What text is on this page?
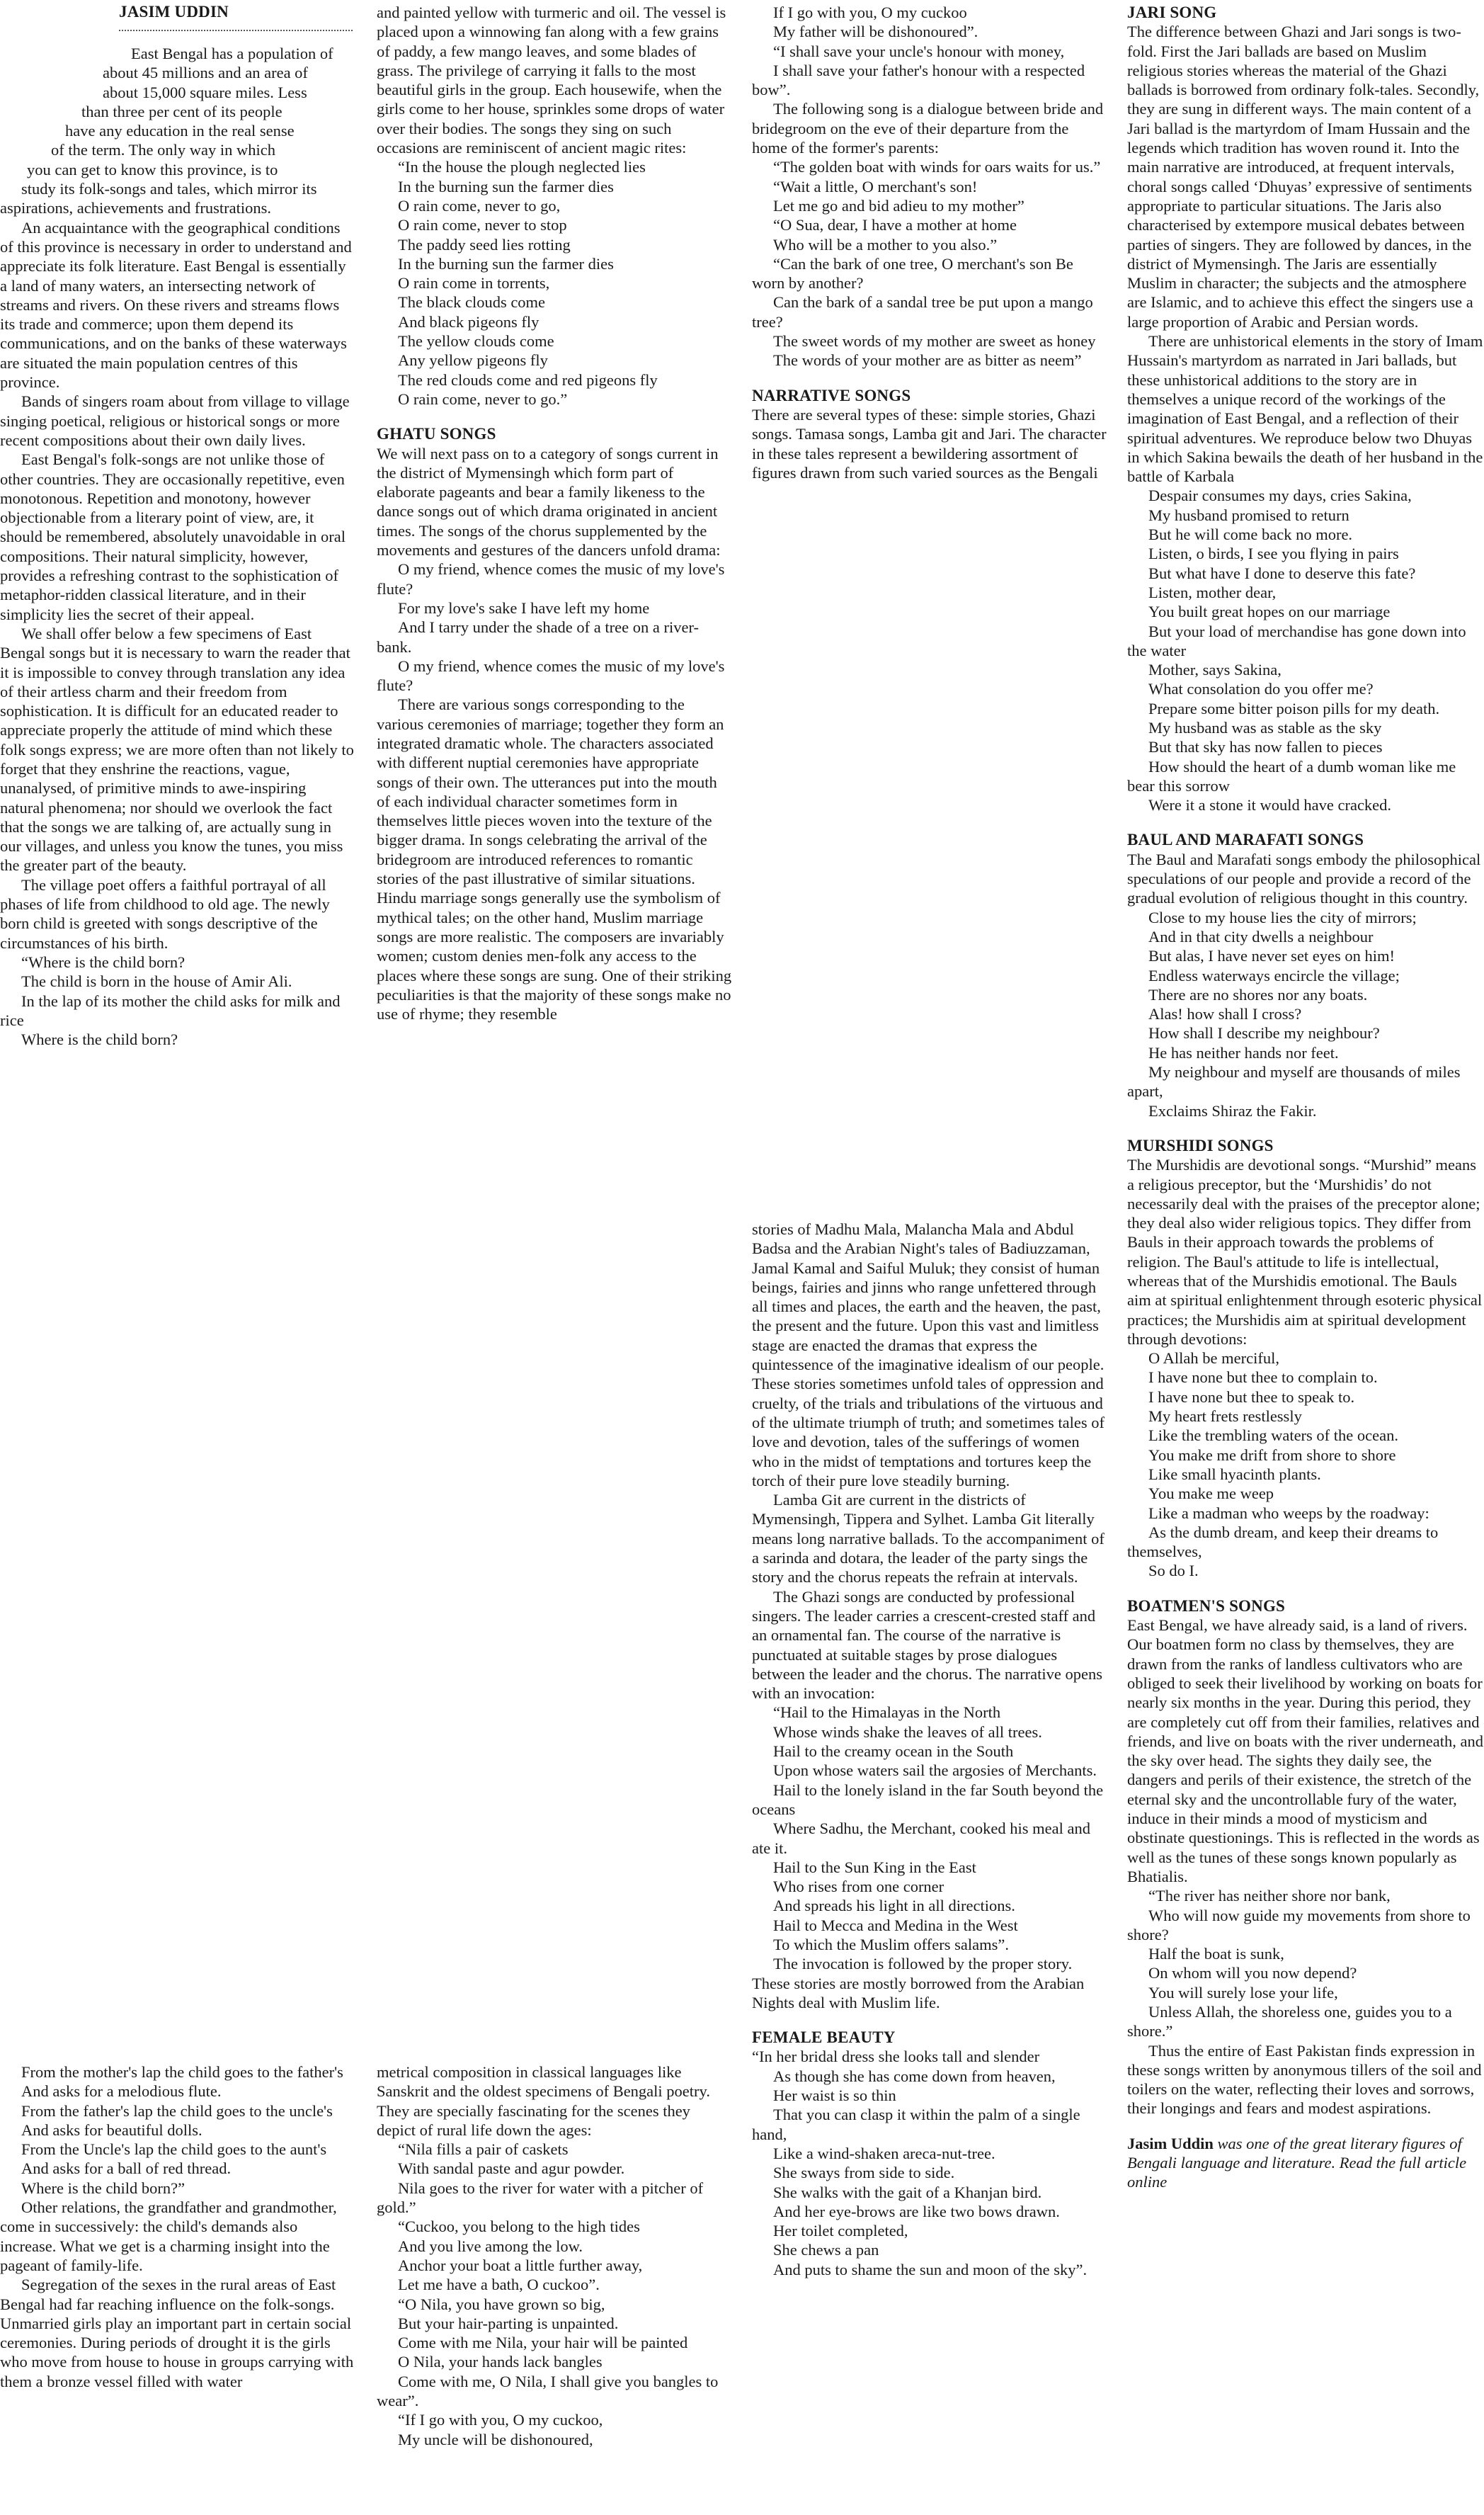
JASIM UDDIN

East Bengal has a population of

about 45 millions and an area of

about 15,000 square miles. Less

than three per cent of its people

have any education in the real sense

of the term. The only way in which

you can get to know this province, is to

study its folk-songs and tales, which mirror its

aspirations, achievements and frustrations.

An acquaintance with the geographical conditions of this province is necessary in order to understand and appreciate its folk literature. East Bengal is essentially a land of many waters, an intersecting network of streams and rivers. On these rivers and streams flows its trade and commerce; upon them depend its communications, and on the banks of these waterways are situated the main population centres of this province.

Bands of singers roam about from village to village singing poetical, religious or historical songs or more recent compositions about their own daily lives.

East Bengal's folk-songs are not unlike those of other countries. They are occasionally repetitive, even monotonous. Repetition and monotony, however objectionable from a literary point of view, are, it should be remembered, absolutely unavoidable in oral compositions. Their natural simplicity, however, provides a refreshing contrast to the sophistication of metaphor-ridden classical literature, and in their simplicity lies the secret of their appeal.

We shall offer below a few specimens of East Bengal songs but it is necessary to warn the reader that it is impossible to convey through translation any idea of their artless charm and their freedom from sophistication. It is difficult for an educated reader to appreciate properly the attitude of mind which these folk songs express; we are more often than not likely to forget that they enshrine the reactions, vague, unanalysed, of primitive minds to awe-inspiring natural phenomena; nor should we overlook the fact that the songs we are talking of, are actually sung in our villages, and unless you know the tunes, you miss the greater part of the beauty.

The village poet offers a faithful portrayal of all phases of life from childhood to old age. The newly born child is greeted with songs descriptive of the circumstances of his birth.

“Where is the child born?

The child is born in the house of Amir Ali.

In the lap of its mother the child asks for milk and rice

Where is the child born?

From the mother's lap the child goes to the father's

And asks for a melodious flute.

From the father's lap the child goes to the uncle's

And asks for beautiful dolls.

From the Uncle's lap the child goes to the aunt's

And asks for a ball of red thread.

Where is the child born?”

Other relations, the grandfather and grandmother, come in successively: the child's demands also increase. What we get is a charming insight into the pageant of family-life.

Segregation of the sexes in the rural areas of East Bengal had far reaching influence on the folk-songs. Unmarried girls play an important part in certain social ceremonies. During periods of drought it is the girls who move from house to house in groups carrying with them a bronze vessel filled with water

and painted yellow with turmeric and oil. The vessel is placed upon a winnowing fan along with a few grains of paddy, a few mango leaves, and some blades of grass. The privilege of carrying it falls to the most beautiful girls in the group. Each housewife, when the girls come to her house, sprinkles some drops of water over their bodies. The songs they sing on such occasions are reminiscent of ancient magic rites:

“In the house the plough neglected lies

In the burning sun the farmer dies

O rain come, never to go,

O rain come, never to stop

The paddy seed lies rotting

In the burning sun the farmer dies

O rain come in torrents,

The black clouds come

And black pigeons fly

The yellow clouds come

Any yellow pigeons fly

The red clouds come and red pigeons fly

O rain come, never to go.”

GHATU SONGS

We will next pass on to a category of songs current in the district of Mymensingh which form part of elaborate pageants and bear a family likeness to the dance songs out of which drama originated in ancient times. The songs of the chorus supplemented by the movements and gestures of the dancers unfold drama:

O my friend, whence comes the music of my love's flute?

For my love's sake I have left my home

And I tarry under the shade of a tree on a river-bank.

O my friend, whence comes the music of my love's flute?

There are various songs corresponding to the various ceremonies of marriage; together they form an integrated dramatic whole. The characters associated with different nuptial ceremonies have appropriate songs of their own. The utterances put into the mouth of each individual character sometimes form in themselves little pieces woven into the texture of the bigger drama. In songs celebrating the arrival of the bridegroom are introduced references to romantic stories of the past illustrative of similar situations. Hindu marriage songs generally use the symbolism of mythical tales; on the other hand, Muslim marriage songs are more realistic. The composers are invariably women; custom denies men-folk any access to the places where these songs are sung. One of their striking peculiarities is that the majority of these songs make no use of rhyme; they resemble

metrical composition in classical languages like Sanskrit and the oldest specimens of Bengali poetry. They are specially fascinating for the scenes they depict of rural life down the ages:

“Nila fills a pair of caskets

With sandal paste and agur powder.

Nila goes to the river for water with a pitcher of gold.”

“Cuckoo, you belong to the high tides

And you live among the low.

Anchor your boat a little further away,

Let me have a bath, O cuckoo”.

“O Nila, you have grown so big,

But your hair-parting is unpainted.

Come with me Nila, your hair will be painted

O Nila, your hands lack bangles

Come with me, O Nila, I shall give you bangles to wear”.

“If I go with you, O my cuckoo,

My uncle will be dishonoured,

If I go with you, O my cuckoo

My father will be dishonoured”.

“I shall save your uncle's honour with money,

I shall save your father's honour with a respected bow”.

The following song is a dialogue between bride and bridegroom on the eve of their departure from the home of the former's parents:

“The golden boat with winds for oars waits for us.”

“Wait a little, O merchant's son!

Let me go and bid adieu to my mother”

“O Sua, dear, I have a mother at home

Who will be a mother to you also.”

“Can the bark of one tree, O merchant's son Be worn by another?

Can the bark of a sandal tree be put upon a mango tree?

The sweet words of my mother are sweet as honey

The words of your mother are as bitter as neem”

NARRATIVE SONGS

There are several types of these: simple stories, Ghazi songs. Tamasa songs, Lamba git and Jari. The character in these tales represent a bewildering assortment of figures drawn from such varied sources as the Bengali

stories of Madhu Mala, Malancha Mala and Abdul Badsa and the Arabian Night's tales of Badiuzzaman, Jamal Kamal and Saiful Muluk; they consist of human beings, fairies and jinns who range unfettered through all times and places, the earth and the heaven, the past, the present and the future. Upon this vast and limitless stage are enacted the dramas that express the quintessence of the imaginative idealism of our people. These stories sometimes unfold tales of oppression and cruelty, of the trials and tribulations of the virtuous and of the ultimate triumph of truth; and sometimes tales of love and devotion, tales of the sufferings of women who in the midst of temptations and tortures keep the torch of their pure love steadily burning.

Lamba Git are current in the districts of Mymensingh, Tippera and Sylhet. Lamba Git literally means long narrative ballads. To the accompaniment of a sarinda and dotara, the leader of the party sings the story and the chorus repeats the refrain at intervals.

The Ghazi songs are conducted by professional singers. The leader carries a crescent-crested staff and an ornamental fan. The course of the narrative is punctuated at suitable stages by prose dialogues between the leader and the chorus. The narrative opens with an invocation:

“Hail to the Himalayas in the North

Whose winds shake the leaves of all trees.

Hail to the creamy ocean in the South

Upon whose waters sail the argosies of Merchants.

Hail to the lonely island in the far South beyond the oceans

Where Sadhu, the Merchant, cooked his meal and ate it.

Hail to the Sun King in the East

Who rises from one corner

And spreads his light in all directions.

Hail to Mecca and Medina in the West

To which the Muslim offers salams”.

The invocation is followed by the proper story. These stories are mostly borrowed from the Arabian Nights deal with Muslim life.

FEMALE BEAUTY

“In her bridal dress she looks tall and slender

As though she has come down from heaven,

Her waist is so thin

That you can clasp it within the palm of a single hand,

Like a wind-shaken areca-nut-tree.

She sways from side to side.

She walks with the gait of a Khanjan bird.

And her eye-brows are like two bows drawn.

Her toilet completed,

She chews a pan

And puts to shame the sun and moon of the sky”.

JARI SONG

The difference between Ghazi and Jari songs is two-fold. First the Jari ballads are based on Muslim religious stories whereas the material of the Ghazi ballads is borrowed from ordinary folk-tales. Secondly, they are sung in different ways. The main content of a Jari ballad is the martyrdom of Imam Hussain and the legends which tradition has woven round it. Into the main narrative are introduced, at frequent intervals, choral songs called ‘Dhuyas’ expressive of sentiments appropriate to particular situations. The Jaris also characterised by extempore musical debates between parties of singers. They are followed by dances, in the district of Mymensingh. The Jaris are essentially Muslim in character; the subjects and the atmosphere are Islamic, and to achieve this effect the singers use a large proportion of Arabic and Persian words.

There are unhistorical elements in the story of Imam Hussain's martyrdom as narrated in Jari ballads, but these unhistorical additions to the story are in themselves a unique record of the workings of the imagination of East Bengal, and a reflection of their spiritual adventures. We reproduce below two Dhuyas in which Sakina bewails the death of her husband in the battle of Karbala

Despair consumes my days, cries Sakina,

My husband promised to return

But he will come back no more.

Listen, o birds, I see you flying in pairs

But what have I done to deserve this fate?

Listen, mother dear,

You built great hopes on our marriage

But your load of merchandise has gone down into the water

Mother, says Sakina,

What consolation do you offer me?

Prepare some bitter poison pills for my death.

My husband was as stable as the sky

But that sky has now fallen to pieces

How should the heart of a dumb woman like me bear this sorrow

Were it a stone it would have cracked.

BAUL AND MARAFATI SONGS

The Baul and Marafati songs embody the philosophical speculations of our people and provide a record of the gradual evolution of religious thought in this country.

Close to my house lies the city of mirrors;

And in that city dwells a neighbour

But alas, I have never set eyes on him!

Endless waterways encircle the village;

There are no shores nor any boats.

Alas! how shall I cross?

How shall I describe my neighbour?

He has neither hands nor feet.

My neighbour and myself are thousands of miles apart,

Exclaims Shiraz the Fakir.

MURSHIDI SONGS

The Murshidis are devotional songs. “Murshid” means a religious preceptor, but the ‘Murshidis’ do not necessarily deal with the praises of the preceptor alone; they deal also wider religious topics. They differ from Bauls in their approach towards the problems of religion. The Baul's attitude to life is intellectual, whereas that of the Murshidis emotional. The Bauls aim at spiritual enlightenment through esoteric physical practices; the Murshidis aim at spiritual development through devotions:

O Allah be merciful,

I have none but thee to complain to.

I have none but thee to speak to.

My heart frets restlessly

Like the trembling waters of the ocean.

You make me drift from shore to shore

Like small hyacinth plants.

You make me weep

Like a madman who weeps by the roadway:

As the dumb dream, and keep their dreams to themselves,

So do I.

BOATMEN'S SONGS

East Bengal, we have already said, is a land of rivers. Our boatmen form no class by themselves, they are drawn from the ranks of landless cultivators who are obliged to seek their livelihood by working on boats for nearly six months in the year. During this period, they are completely cut off from their families, relatives and friends, and live on boats with the river underneath, and the sky over head. The sights they daily see, the dangers and perils of their existence, the stretch of the eternal sky and the uncontrollable fury of the water, induce in their minds a mood of mysticism and obstinate questionings. This is reflected in the words as well as the tunes of these songs known popularly as Bhatialis.

“The river has neither shore nor bank,

Who will now guide my movements from shore to shore?

Half the boat is sunk,

On whom will you now depend?

You will surely lose your life,

Unless Allah, the shoreless one, guides you to a shore.”

Thus the entire of East Pakistan finds expression in these songs written by anonymous tillers of the soil and toilers on the water, reflecting their loves and sorrows, their longings and fears and modest aspirations.

Jasim Uddin was one of the great literary figures of Bengali language and literature. Read the full article online
